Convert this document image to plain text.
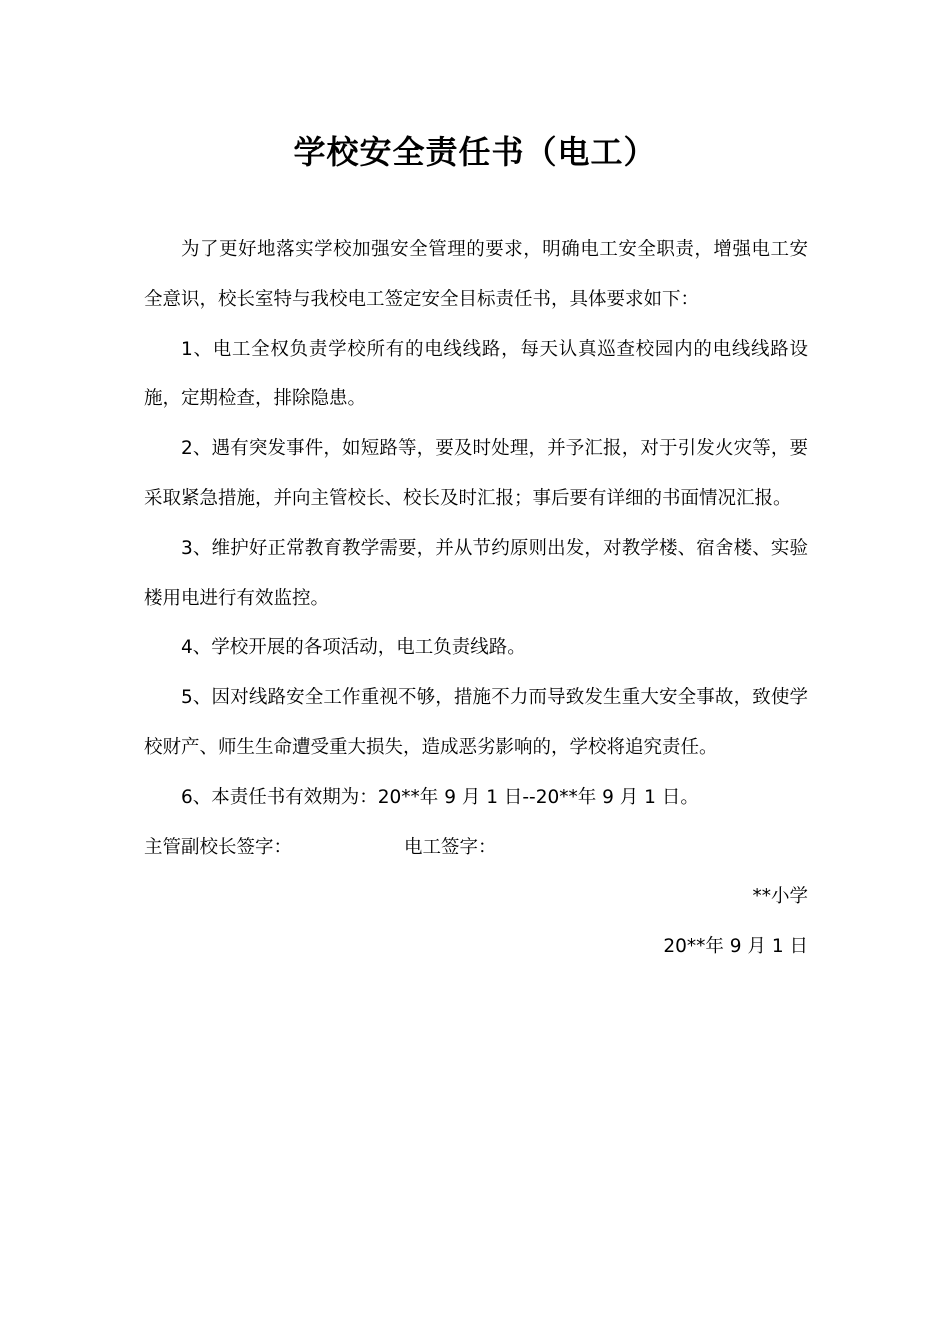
学校安全责任书（电工）

为了更好地落实学校加强安全管理的要求，明确电工安全职责，增强电工安全意识，校长室特与我校电工签定安全目标责任书，具体要求如下：

1、电工全权负责学校所有的电线线路，每天认真巡查校园内的电线线路设施，定期检查，排除隐患。

2、遇有突发事件，如短路等，要及时处理，并予汇报，对于引发火灾等，要采取紧急措施，并向主管校长、校长及时汇报；事后要有详细的书面情况汇报。

3、维护好正常教育教学需要，并从节约原则出发，对教学楼、宿舍楼、实验楼用电进行有效监控。

4、学校开展的各项活动，电工负责线路。

5、因对线路安全工作重视不够，措施不力而导致发生重大安全事故，致使学校财产、师生生命遭受重大损失，造成恶劣影响的，学校将追究责任。

6、本责任书有效期为：20**年 9 月 1 日--20**年 9 月 1 日。

主管副校长签字：	电工签字：

**小学

20**年 9 月 1 日
